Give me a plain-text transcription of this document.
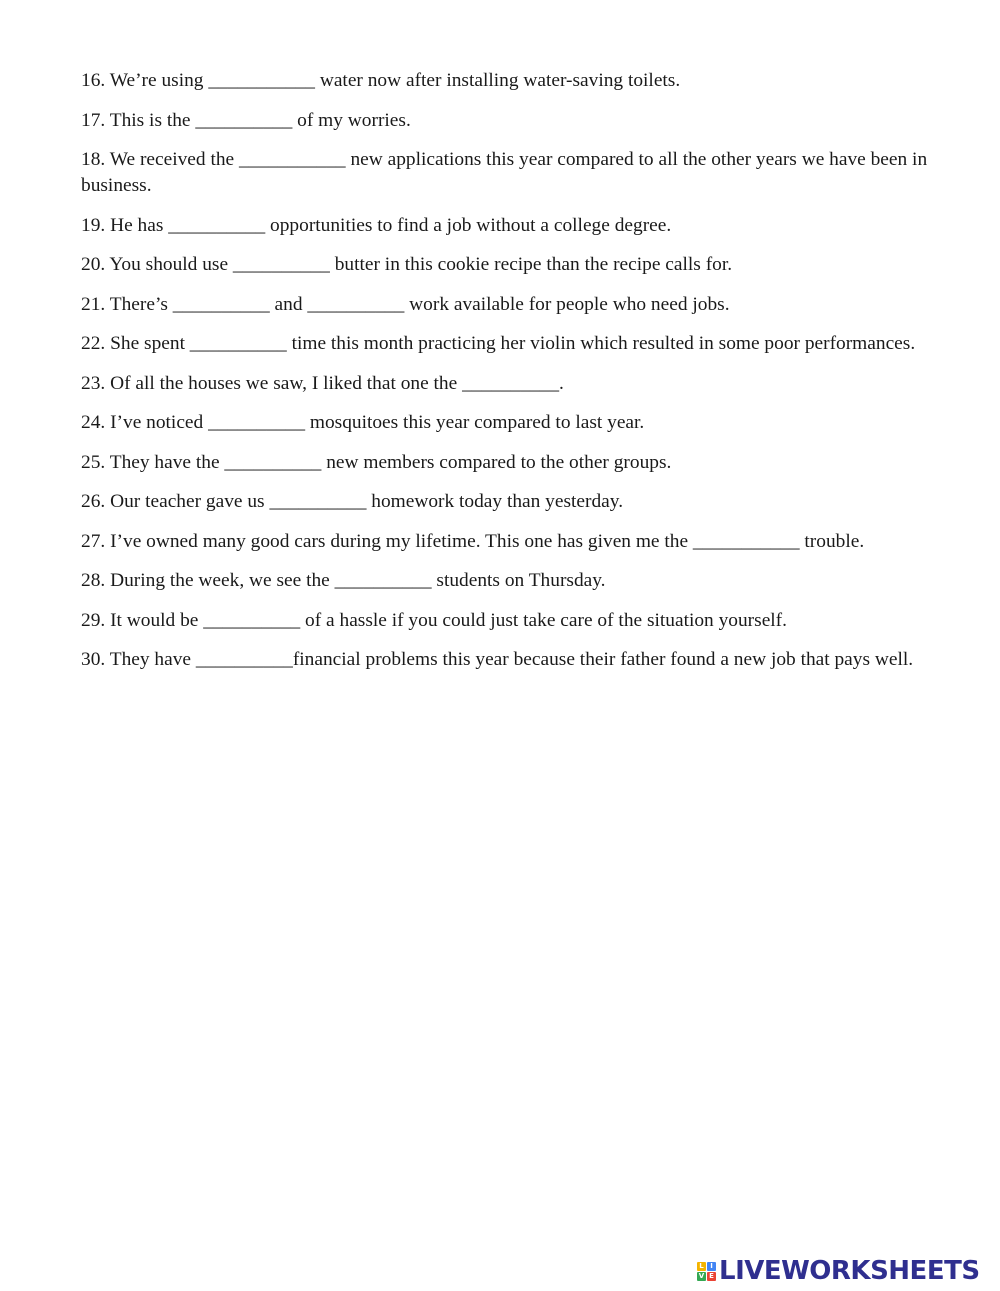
16. We’re using ___________ water now after installing water-saving toilets.

17. This is the __________ of my worries.

18. We received the ___________ new applications this year compared to all the other years we have been in business.

19. He has __________ opportunities to find a job without a college degree.

20. You should use __________ butter in this cookie recipe than the recipe calls for.

21. There’s __________ and __________ work available for people who need jobs.

22. She spent __________ time this month practicing her violin which resulted in some poor performances.

23. Of all the houses we saw, I liked that one the __________.

24. I’ve noticed __________ mosquitoes this year compared to last year.

25. They have the __________ new members compared to the other groups.

26. Our teacher gave us __________ homework today than yesterday.

27. I’ve owned many good cars during my lifetime. This one has given me the ___________ trouble.

28. During the week, we see the __________ students on Thursday.

29. It would be __________ of a hassle if you could just take care of the situation yourself.

30. They have __________financial problems this year because their father found a new job that pays well.

L I
V E LIVEWORKSHEETS
